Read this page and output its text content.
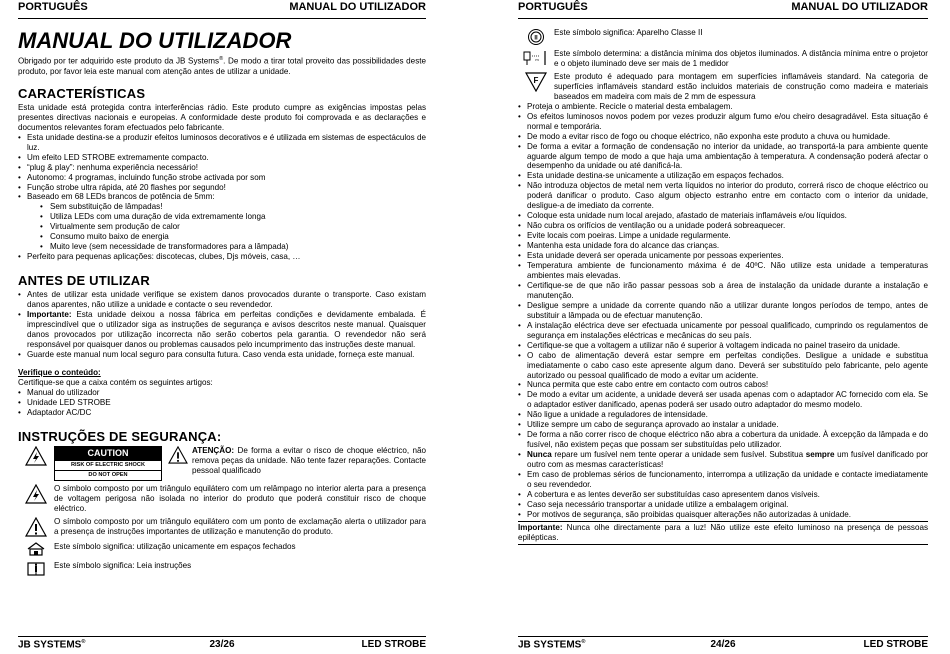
PORTUGUÊS	MANUAL DO UTILIZADOR
MANUAL DO UTILIZADOR

Obrigado por ter adquirido este produto da JB Systems®. De modo a tirar total proveito das possibilidades deste produto, por favor leia este manual com atenção antes de utilizar a unidade.

CARACTERÍSTICAS

Esta unidade está protegida contra interferências rádio. Este produto cumpre as exigências impostas pelas presentes directivas nacionais e europeias. A conformidade deste produto foi comprovada e as declarações e documentos relevantes foram efectuados pelo fabricante.

• Esta unidade destina-se a produzir efeitos luminosos decorativos e é utilizada em sistemas de espectáculos de luz.
• Um efeito LED STROBE extremamente compacto.
• “plug & play”: nenhuma experiência necessário!
• Autonomo: 4 programas, incluindo função strobe activada por som
• Função strobe ultra rápida, até 20 flashes por segundo!
• Baseado em 68 LEDs brancos de potência de 5mm:
• Sem substituição de lâmpadas!
• Utiliza LEDs com uma duração de vida extremamente longa
• Virtualmente sem produção de calor
• Consumo muito baixo de energia
• Muito leve (sem necessidade de transformadores para a lâmpada)
• Perfeito para pequenas aplicações: discotecas, clubes, Djs móveis, casa, …
ANTES DE UTILIZAR
• Antes de utilizar esta unidade verifique se existem danos provocados durante o transporte. Caso existam danos aparentes, não utilize a unidade e contacte o seu revendedor.
• Importante: Esta unidade deixou a nossa fábrica em perfeitas condições e devidamente embalada. É imprescindível que o utilizador siga as instruções de segurança e avisos descritos neste manual. Quaisquer danos provocados por utilização incorrecta não serão cobertos pela garantia. O revendedor não será responsável por quaisquer danos ou problemas causados pelo incumprimento das instruções deste manual.
• Guarde este manual num local seguro para consulta futura. Caso venda esta unidade, forneça este manual.
Verifique o conteúdo:

Certifique-se que a caixa contém os seguintes artigos:

• Manual do utilizador
• Unidade LED STROBE
• Adaptador AC/DC
INSTRUÇÕES DE SEGURANÇA:
CAUTION
RISK OF ELECTRIC SHOCK
DO NOT OPEN

ATENÇÃO: De forma a evitar o risco de choque eléctrico, não remova peças da unidade. Não tente fazer reparações. Contacte pessoal qualificado

O símbolo composto por um triângulo equilátero com um relâmpago no interior alerta para a presença de voltagem perigosa não isolada no interior do produto que poderá constituir risco de choque eléctrico.

O símbolo composto por um triângulo equilátero com um ponto de exclamação alerta o utilizador para a presença de instruções importantes de utilização e manutenção do produto.

Este símbolo significa: utilização unicamente em espaços fechados

Este símbolo significa: Leia instruções

JB SYSTEMS®	23/26	LED STROBE
PORTUGUÊS	MANUAL DO UTILIZADOR
II

Este símbolo significa: Aparelho Classe II

m

Este símbolo determina: a distância mínima dos objetos iluminados. A distância mínima entre o projetor e o objeto iluminado deve ser mais de 1 medidor

F Este produto é adequado para montagem em superfícies inflamáveis standard. Na categoria de superfícies inflamáveis standard estão incluidos materiais de construção como madeira e materiais baseados em madeira com mais de 2 mm de espessura

• Proteja o ambiente. Recicle o material desta embalagem.
• Os efeitos luminosos novos podem por vezes produzir algum fumo e/ou cheiro desagradável. Esta situação é normal e temporária.
• De modo a evitar risco de fogo ou choque eléctrico, não exponha este produto a chuva ou humidade.
• De forma a evitar a formação de condensação no interior da unidade, ao transportá-la para ambiente quente aguarde algum tempo de modo a que haja uma ambientação à temperatura. A condensação poderá afectar o desempenho da unidade ou até danificá-la.
• Esta unidade destina-se unicamente a utilização em espaços fechados.
• Não introduza objectos de metal nem verta líquidos no interior do produto, correrá risco de choque eléctrico ou poderá danificar o produto. Caso algum objecto estranho entre em contacto com o interior da unidade, desligue-a de imediato da corrente.
• Coloque esta unidade num local arejado, afastado de materiais inflamáveis e/ou líquidos.
• Não cubra os orifícios de ventilação ou a unidade poderá sobreaquecer.
• Evite locais com poeiras. Limpe a unidade regularmente.
• Mantenha esta unidade fora do alcance das crianças.
• Esta unidade deverá ser operada unicamente por pessoas experientes.
• Temperatura ambiente de funcionamento máxima é de 40ºC. Não utilize esta unidade a temperaturas ambientes mais elevadas.
• Certifique-se de que não irão passar pessoas sob a área de instalação da unidade durante a instalação e manutenção.
• Desligue sempre a unidade da corrente quando não a utilizar durante longos períodos de tempo, antes de substituir a lâmpada ou de efectuar manutenção.
• A instalação eléctrica deve ser efectuada unicamente por pessoal qualificado, cumprindo os regulamentos de segurança em instalações eléctricas e mecânicas do seu país.
• Certifique-se que a voltagem a utilizar não é superior à voltagem indicada no painel traseiro da unidade.
• O cabo de alimentação deverá estar sempre em perfeitas condições. Desligue a unidade e substitua imediatamente o cabo caso este apresente algum dano. Deverá ser substituído pelo fabricante, pelo agente autorizado ou pessoal qualificado de modo a evitar um acidente.
• Nunca permita que este cabo entre em contacto com outros cabos!
• De modo a evitar um acidente, a unidade deverá ser usada apenas com o adaptador AC fornecido com ela. Se o adaptador estiver danificado, apenas poderá ser usado outro adaptador do mesmo modelo.
• Não ligue a unidade a reguladores de intensidade.
• Utilize sempre um cabo de segurança aprovado ao instalar a unidade.
• De forma a não correr risco de choque eléctrico não abra a cobertura da unidade. À excepção da lâmpada e do fusível, não existem peças que possam ser substituídas pelo utilizador.
• Nunca repare um fusível nem tente operar a unidade sem fusível. Substitua sempre um fusível danificado por outro com as mesmas características!
• Em caso de problemas sérios de funcionamento, interrompa a utilização da unidade e contacte imediatamente o seu revendedor.
• A cobertura e as lentes deverão ser substituídas caso apresentem danos visíveis.
• Caso seja necessário transportar a unidade utilize a embalagem original.
• Por motivos de segurança, são proibidas quaisquer alterações não autorizadas à unidade.

Importante: Nunca olhe directamente para a luz! Não utilize este efeito luminoso na presença de pessoas epilépticas.

JB SYSTEMS®	24/26	LED STROBE
